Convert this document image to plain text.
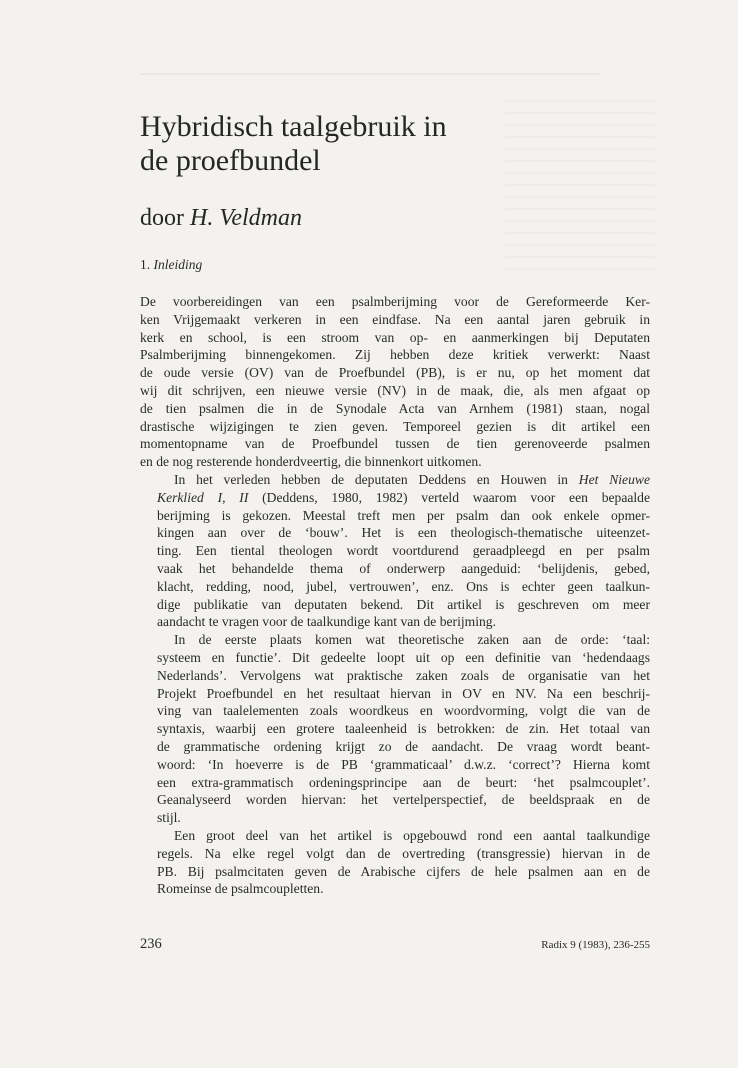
Hybridisch taalgebruik in
de proefbundel
door H. Veldman
1. Inleiding

De voorbereidingen van een psalmberijming voor de Gereformeerde Ker-
ken Vrijgemaakt verkeren in een eindfase. Na een aantal jaren gebruik in
kerk en school, is een stroom van op- en aanmerkingen bij Deputaten
Psalmberijming binnengekomen. Zij hebben deze kritiek verwerkt: Naast
de oude versie (OV) van de Proefbundel (PB), is er nu, op het moment dat
wij dit schrijven, een nieuwe versie (NV) in de maak, die, als men afgaat op
de tien psalmen die in de Synodale Acta van Arnhem (1981) staan, nogal
drastische wijzigingen te zien geven. Temporeel gezien is dit artikel een
momentopname van de Proefbundel tussen de tien gerenoveerde psalmen
en de nog resterende honderdveertig, die binnenkort uitkomen.

In het verleden hebben de deputaten Deddens en Houwen in Het Nieuwe
Kerklied I, II (Deddens, 1980, 1982) verteld waarom voor een bepaalde
berijming is gekozen. Meestal treft men per psalm dan ook enkele opmer-
kingen aan over de ‘bouw’. Het is een theologisch-thematische uiteenzet-
ting. Een tiental theologen wordt voortdurend geraadpleegd en per psalm
vaak het behandelde thema of onderwerp aangeduid: ‘belijdenis, gebed,
klacht, redding, nood, jubel, vertrouwen’, enz. Ons is echter geen taalkun-
dige publikatie van deputaten bekend. Dit artikel is geschreven om meer
aandacht te vragen voor de taalkundige kant van de berijming.

In de eerste plaats komen wat theoretische zaken aan de orde: ‘taal:
systeem en functie’. Dit gedeelte loopt uit op een definitie van ‘hedendaags
Nederlands’. Vervolgens wat praktische zaken zoals de organisatie van het
Projekt Proefbundel en het resultaat hiervan in OV en NV. Na een beschrij-
ving van taalelementen zoals woordkeus en woordvorming, volgt die van de
syntaxis, waarbij een grotere taaleenheid is betrokken: de zin. Het totaal van
de grammatische ordening krijgt zo de aandacht. De vraag wordt beant-
woord: ‘In hoeverre is de PB ‘grammaticaal’ d.w.z. ‘correct’? Hierna komt
een extra-grammatisch ordeningsprincipe aan de beurt: ‘het psalmcouplet’.
Geanalyseerd worden hiervan: het vertelperspectief, de beeldspraak en de
stijl.

Een groot deel van het artikel is opgebouwd rond een aantal taalkundige
regels. Na elke regel volgt dan de overtreding (transgressie) hiervan in de
PB. Bij psalmcitaten geven de Arabische cijfers de hele psalmen aan en de
Romeinse de psalmcoupletten.

236	Radix 9 (1983), 236-255
